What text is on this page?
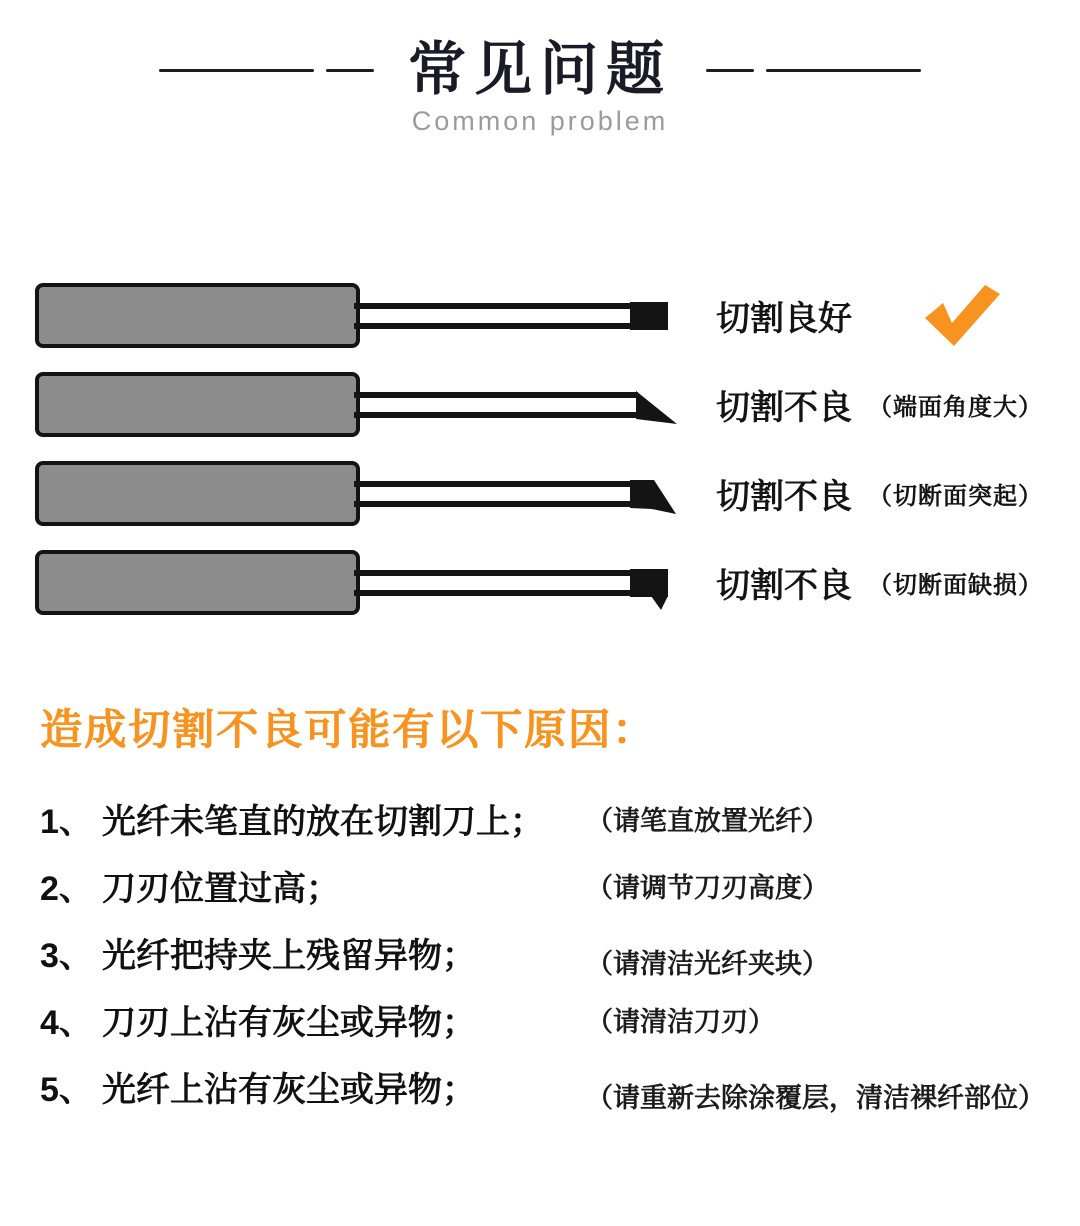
常见问题
Common problem
切割良好
切割不良 （端面角度大）
切割不良 （切断面突起）
切割不良 （切断面缺损）
造成切割不良可能有以下原因：
1、 光纤未笔直的放在切割刀上； （请笔直放置光纤）
2、 刀刃位置过高；	（请调节刀刃高度）
3、 光纤把持夹上残留异物；	（请清洁光纤夹块）
4、 刀刃上沾有灰尘或异物；	（请清洁刀刃）
5、 光纤上沾有灰尘或异物；	（请重新去除涂覆层，清洁裸纤部位）
